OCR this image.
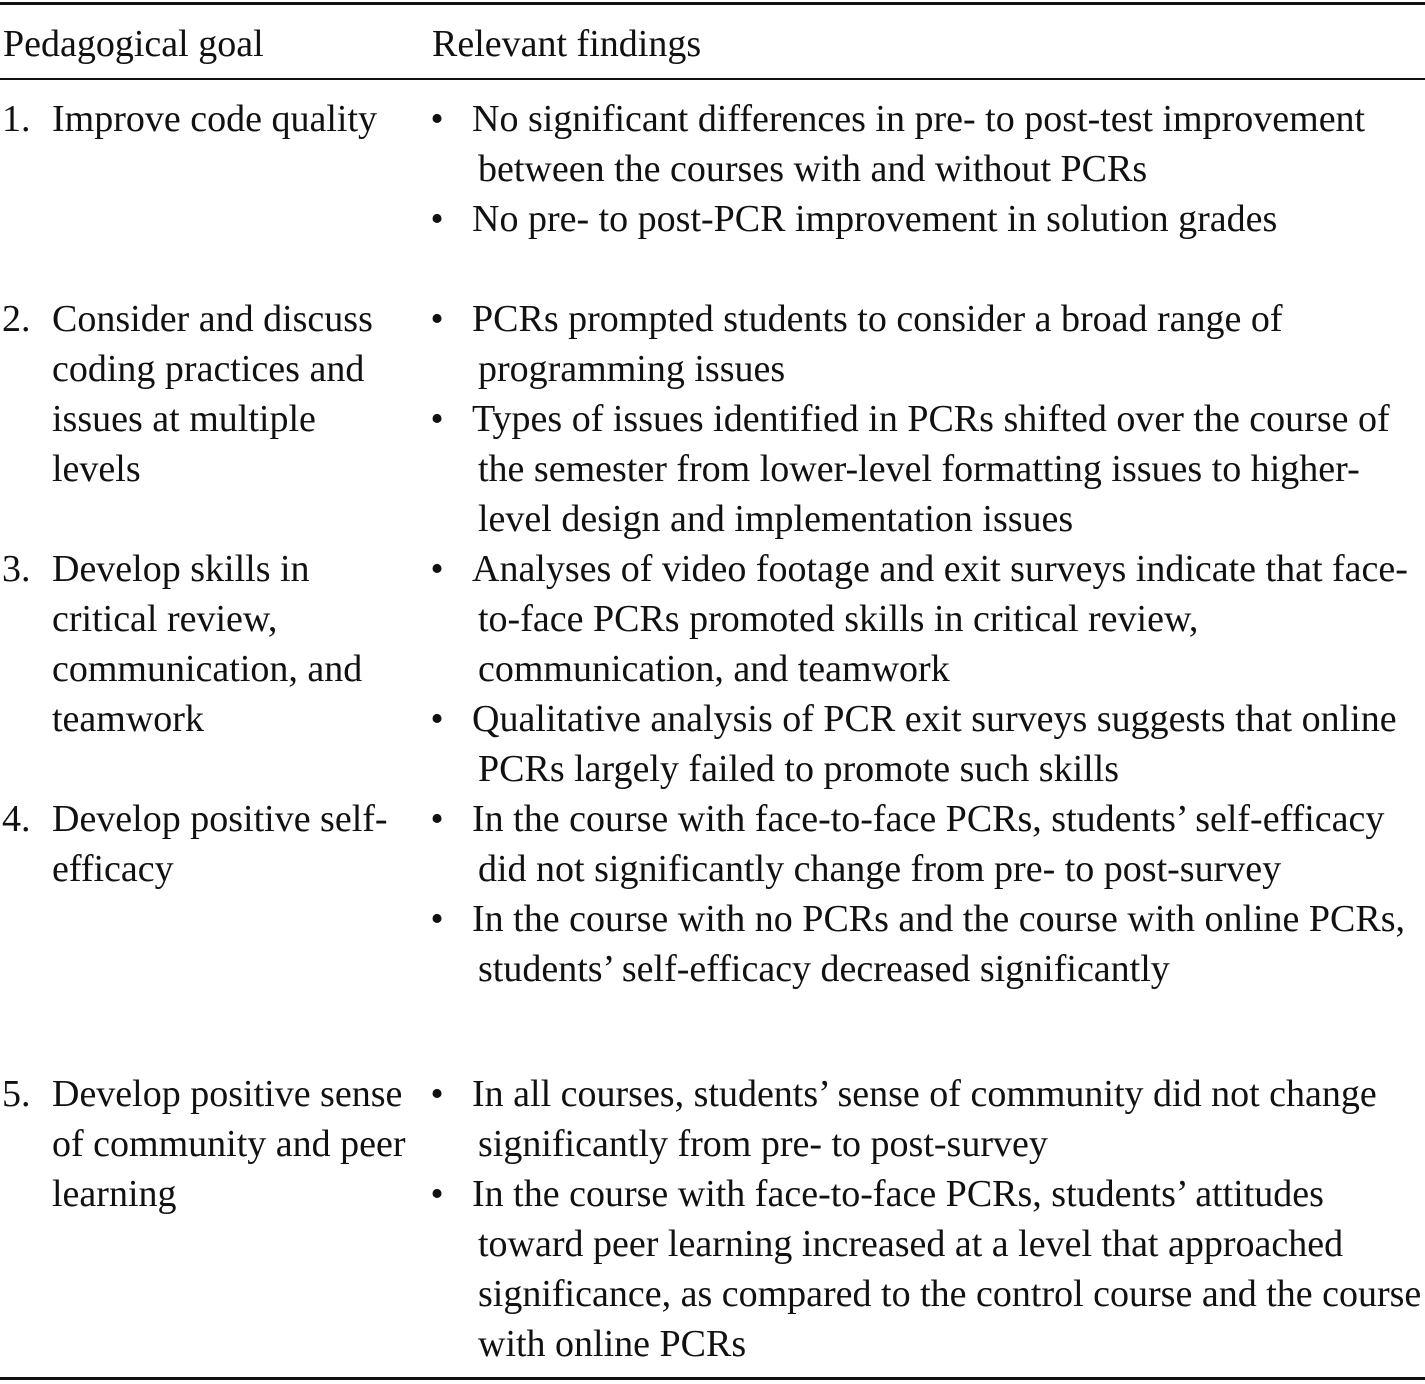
Pedagogical goal	Relevant findings
1. Improve code quality	• No significant differences in pre- to post-test improvement between the courses with and without PCRs
• No pre- to post-PCR improvement in solution grades
2. Consider and discuss coding practices and issues at multiple levels
• PCRs prompted students to consider a broad range of programming issues
• Types of issues identified in PCRs shifted over the course of the semester from lower-level formatting issues to higher-level design and implementation issues
3. Develop skills in critical review, communication, and teamwork
• Analyses of video footage and exit surveys indicate that face-to-face PCRs promoted skills in critical review, communication, and teamwork
• Qualitative analysis of PCR exit surveys suggests that online PCRs largely failed to promote such skills
4. Develop positive self-efficacy
• In the course with face-to-face PCRs, students’ self-efficacy did not significantly change from pre- to post-survey
• In the course with no PCRs and the course with online PCRs, students’ self-efficacy decreased significantly
5. Develop positive sense of community and peer learning
• In all courses, students’ sense of community did not change significantly from pre- to post-survey
• In the course with face-to-face PCRs, students’ attitudes toward peer learning increased at a level that approached significance, as compared to the control course and the course with online PCRs
